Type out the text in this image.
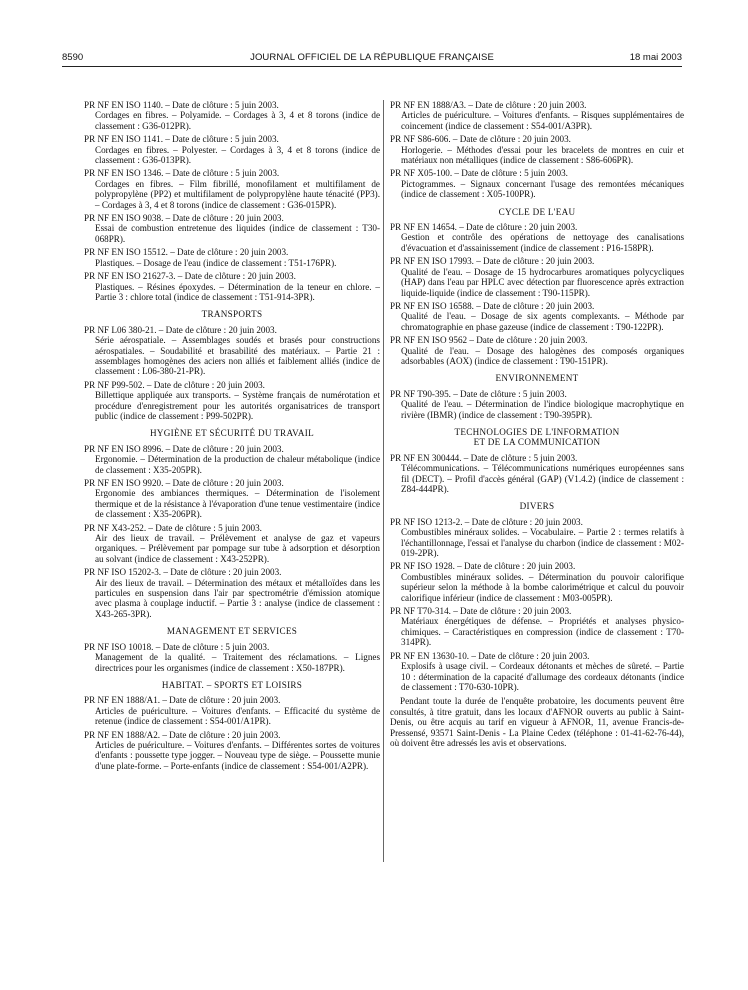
8590	JOURNAL OFFICIEL DE LA RÉPUBLIQUE FRANÇAISE	18 mai 2003
PR NF EN ISO 1140. – Date de clôture : 5 juin 2003.
Cordages en fibres. – Polyamide. – Cordages à 3, 4 et 8 torons (indice de classement : G36-012PR).
PR NF EN ISO 1141. – Date de clôture : 5 juin 2003.
Cordages en fibres. – Polyester. – Cordages à 3, 4 et 8 torons (indice de classement : G36-013PR).
PR NF EN ISO 1346. – Date de clôture : 5 juin 2003.
Cordages en fibres. – Film fibrillé, monofilament et multifilament de polypropylène (PP2) et multifilament de polypropylène haute ténacité (PP3). – Cordages à 3, 4 et 8 torons (indice de classement : G36-015PR).
PR NF EN ISO 9038. – Date de clôture : 20 juin 2003.
Essai de combustion entretenue des liquides (indice de classement : T30-068PR).
PR NF EN ISO 15512. – Date de clôture : 20 juin 2003.
Plastiques. – Dosage de l'eau (indice de classement : T51-176PR).
PR NF EN ISO 21627-3. – Date de clôture : 20 juin 2003.
Plastiques. – Résines époxydes. – Détermination de la teneur en chlore. – Partie 3 : chlore total (indice de classement : T51-914-3PR).
TRANSPORTS
PR NF L06 380-21. – Date de clôture : 20 juin 2003.
Série aérospatiale. – Assemblages soudés et brasés pour constructions aérospatiales. – Soudabilité et brasabilité des matériaux. – Partie 21 : assemblages homogènes des aciers non alliés et faiblement alliés (indice de classement : L06-380-21-PR).
PR NF P99-502. – Date de clôture : 20 juin 2003.
Billettique appliquée aux transports. – Système français de numérotation et procédure d'enregistrement pour les autorités organisatrices de transport public (indice de classement : P99-502PR).
HYGIÈNE ET SÉCURITÉ DU TRAVAIL
PR NF EN ISO 8996. – Date de clôture : 20 juin 2003.
Ergonomie. – Détermination de la production de chaleur métabolique (indice de classement : X35-205PR).
PR NF EN ISO 9920. – Date de clôture : 20 juin 2003.
Ergonomie des ambiances thermiques. – Détermination de l'isolement thermique et de la résistance à l'évaporation d'une tenue vestimentaire (indice de classement : X35-206PR).
PR NF X43-252. – Date de clôture : 5 juin 2003.
Air des lieux de travail. – Prélèvement et analyse de gaz et vapeurs organiques. – Prélèvement par pompage sur tube à adsorption et désorption au solvant (indice de classement : X43-252PR).
PR NF ISO 15202-3. – Date de clôture : 20 juin 2003.
Air des lieux de travail. – Détermination des métaux et métalloïdes dans les particules en suspension dans l'air par spectrométrie d'émission atomique avec plasma à couplage inductif. – Partie 3 : analyse (indice de classement : X43-265-3PR).
MANAGEMENT ET SERVICES
PR NF ISO 10018. – Date de clôture : 5 juin 2003.
Management de la qualité. – Traitement des réclamations. – Lignes directrices pour les organismes (indice de classement : X50-187PR).
HABITAT. – SPORTS ET LOISIRS
PR NF EN 1888/A1. – Date de clôture : 20 juin 2003.
Articles de puériculture. – Voitures d'enfants. – Efficacité du système de retenue (indice de classement : S54-001/A1PR).
PR NF EN 1888/A2. – Date de clôture : 20 juin 2003.
Articles de puériculture. – Voitures d'enfants. – Différentes sortes de voitures d'enfants : poussette type jogger. – Nouveau type de siège. – Poussette munie d'une plate-forme. – Porte-enfants (indice de classement : S54-001/A2PR).
PR NF EN 1888/A3. – Date de clôture : 20 juin 2003.
Articles de puériculture. – Voitures d'enfants. – Risques supplémentaires de coincement (indice de classement : S54-001/A3PR).
PR NF S86-606. – Date de clôture : 20 juin 2003.
Horlogerie. – Méthodes d'essai pour les bracelets de montres en cuir et matériaux non métalliques (indice de classement : S86-606PR).
PR NF X05-100. – Date de clôture : 5 juin 2003.
Pictogrammes. – Signaux concernant l'usage des remontées mécaniques (indice de classement : X05-100PR).
CYCLE DE L'EAU
PR NF EN 14654. – Date de clôture : 20 juin 2003.
Gestion et contrôle des opérations de nettoyage des canalisations d'évacuation et d'assainissement (indice de classement : P16-158PR).
PR NF EN ISO 17993. – Date de clôture : 20 juin 2003.
Qualité de l'eau. – Dosage de 15 hydrocarbures aromatiques polycycliques (HAP) dans l'eau par HPLC avec détection par fluorescence après extraction liquide-liquide (indice de classement : T90-115PR).
PR NF EN ISO 16588. – Date de clôture : 20 juin 2003.
Qualité de l'eau. – Dosage de six agents complexants. – Méthode par chromatographie en phase gazeuse (indice de classement : T90-122PR).
PR NF EN ISO 9562 – Date de clôture : 20 juin 2003.
Qualité de l'eau. – Dosage des halogènes des composés organiques adsorbables (AOX) (indice de classement : T90-151PR).
ENVIRONNEMENT
PR NF T90-395. – Date de clôture : 5 juin 2003.
Qualité de l'eau. – Détermination de l'indice biologique macrophytique en rivière (IBMR) (indice de classement : T90-395PR).
TECHNOLOGIES DE L'INFORMATION
ET DE LA COMMUNICATION
PR NF EN 300444. – Date de clôture : 5 juin 2003.
Télécommunications. – Télécommunications numériques européennes sans fil (DECT). – Profil d'accès général (GAP) (V1.4.2) (indice de classement : Z84-444PR).
DIVERS
PR NF ISO 1213-2. – Date de clôture : 20 juin 2003.
Combustibles minéraux solides. – Vocabulaire. – Partie 2 : termes relatifs à l'échantillonnage, l'essai et l'analyse du charbon (indice de classement : M02-019-2PR).
PR NF ISO 1928. – Date de clôture : 20 juin 2003.
Combustibles minéraux solides. – Détermination du pouvoir calorifique supérieur selon la méthode à la bombe calorimétrique et calcul du pouvoir calorifique inférieur (indice de classement : M03-005PR).
PR NF T70-314. – Date de clôture : 20 juin 2003.
Matériaux énergétiques de défense. – Propriétés et analyses physico-chimiques. – Caractéristiques en compression (indice de classement : T70-314PR).
PR NF EN 13630-10. – Date de clôture : 20 juin 2003.
Explosifs à usage civil. – Cordeaux détonants et mèches de sûreté. – Partie 10 : détermination de la capacité d'allumage des cordeaux détonants (indice de classement : T70-630-10PR).
Pendant toute la durée de l'enquête probatoire, les documents peuvent être consultés, à titre gratuit, dans les locaux d'AFNOR ouverts au public à Saint-Denis, ou être acquis au tarif en vigueur à AFNOR, 11, avenue Francis-de-Pressensé, 93571 Saint-Denis - La Plaine Cedex (téléphone : 01-41-62-76-44), où doivent être adressés les avis et observations.
